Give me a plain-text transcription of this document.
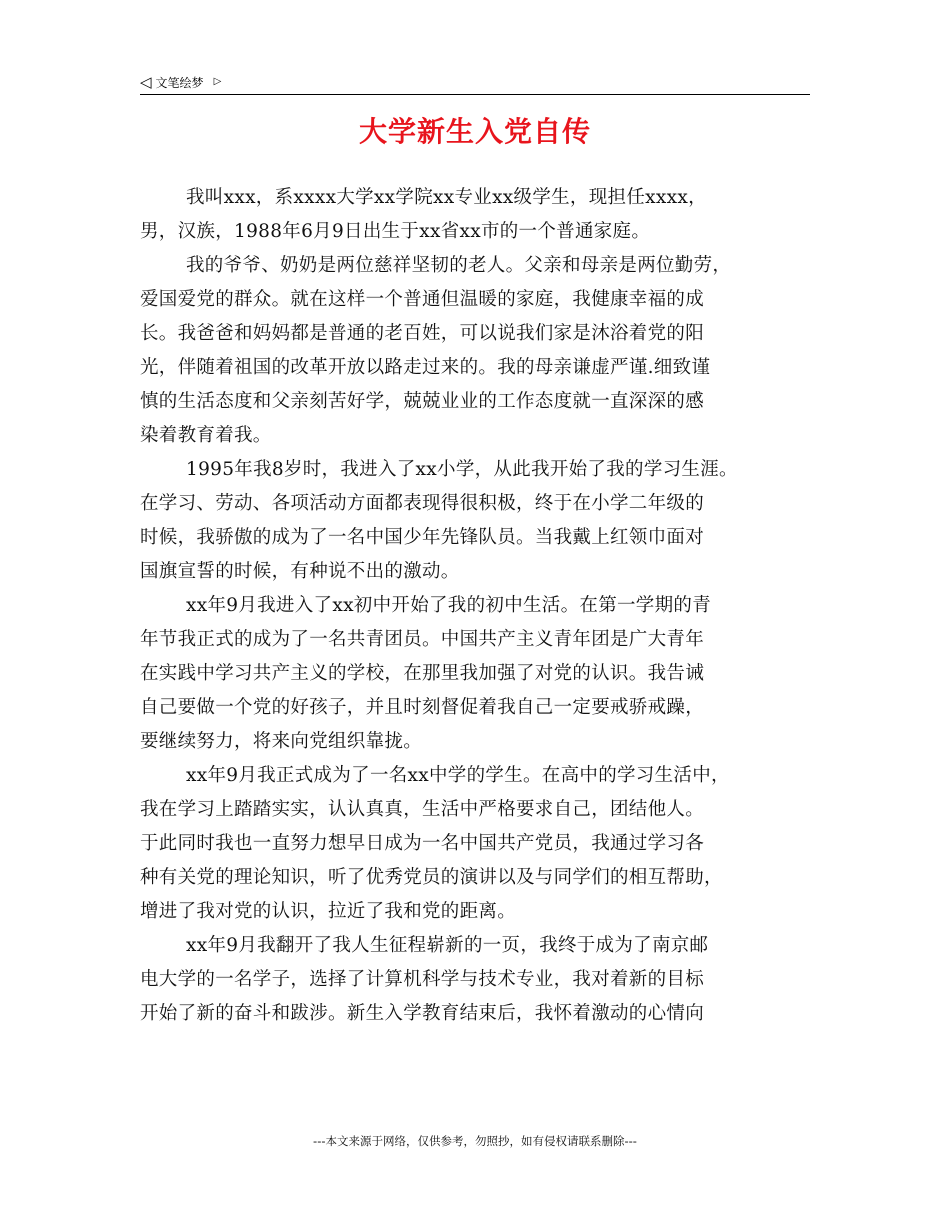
◁ 文笔绘梦 ▷
大学新生入党自传

我叫xxx，系xxxx大学xx学院xx专业xx级学生，现担任xxxx，
男，汉族，1988年6月9日出生于xx省xx市的一个普通家庭。

我的爷爷、奶奶是两位慈祥坚韧的老人。父亲和母亲是两位勤劳，
爱国爱党的群众。就在这样一个普通但温暖的家庭，我健康幸福的成
长。我爸爸和妈妈都是普通的老百姓，可以说我们家是沐浴着党的阳
光，伴随着祖国的改革开放以路走过来的。我的母亲谦虚严谨.细致谨
慎的生活态度和父亲刻苦好学，兢兢业业的工作态度就一直深深的感
染着教育着我。

1995年我8岁时，我进入了xx小学，从此我开始了我的学习生涯。
在学习、劳动、各项活动方面都表现得很积极，终于在小学二年级的
时候，我骄傲的成为了一名中国少年先锋队员。当我戴上红领巾面对
国旗宣誓的时候，有种说不出的激动。

xx年9月我进入了xx初中开始了我的初中生活。在第一学期的青
年节我正式的成为了一名共青团员。中国共产主义青年团是广大青年
在实践中学习共产主义的学校，在那里我加强了对党的认识。我告诫
自己要做一个党的好孩子，并且时刻督促着我自己一定要戒骄戒躁，
要继续努力，将来向党组织靠拢。

xx年9月我正式成为了一名xx中学的学生。在高中的学习生活中，
我在学习上踏踏实实，认认真真，生活中严格要求自己，团结他人。
于此同时我也一直努力想早日成为一名中国共产党员，我通过学习各
种有关党的理论知识，听了优秀党员的演讲以及与同学们的相互帮助，
增进了我对党的认识，拉近了我和党的距离。

xx年9月我翻开了我人生征程崭新的一页，我终于成为了南京邮
电大学的一名学子，选择了计算机科学与技术专业，我对着新的目标
开始了新的奋斗和跋涉。新生入学教育结束后，我怀着激动的心情向

---本文来源于网络，仅供参考，勿照抄，如有侵权请联系删除---
